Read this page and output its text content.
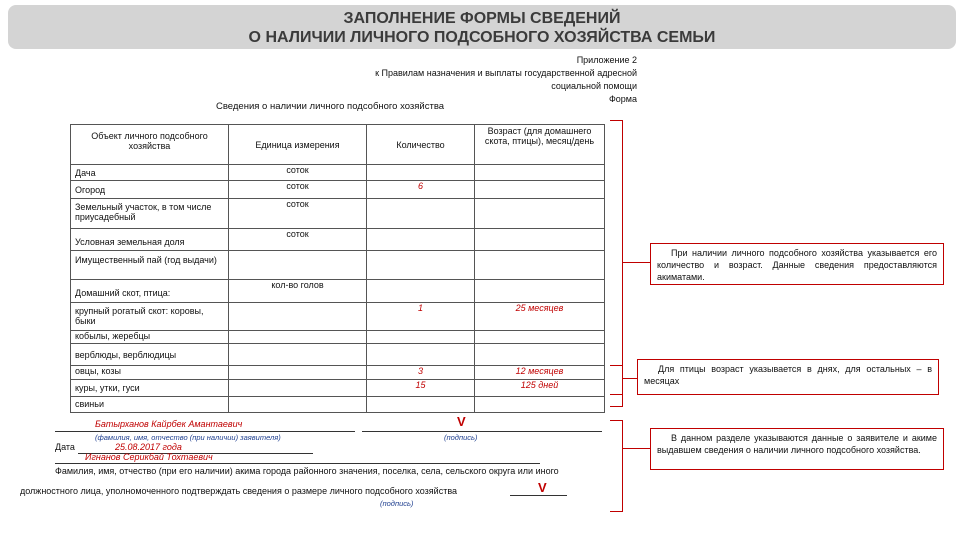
ЗАПОЛНЕНИЕ ФОРМЫ СВЕДЕНИЙ
О НАЛИЧИИ ЛИЧНОГО ПОДСОБНОГО ХОЗЯЙСТВА СЕМЬИ
Приложение 2
к Правилам назначения и выплаты государственной адресной
социальной помощи
Форма
Сведения о наличии личного подсобного хозяйства
Объект личного подсобного хозяйства	Единица измерения	Количество	Возраст (для домашнего скота, птицы), месяц/день
Дача	соток		
Огород	соток	6	
Земельный участок, в том числе приусадебный	соток		
Условная земельная доля	соток		
Имущественный пай (год выдачи)			
Домашний скот, птица:	кол-во голов		
крупный рогатый скот: коровы, быки		1	25 месяцев
кобылы, жеребцы			
верблюды, верблюдицы			
овцы, козы		3	12 месяцев
куры, утки, гуси		15	125 дней
свиньи			
При наличии личного подсобного хозяйства указывается его количество и возраст. Данные сведения предоставляются акиматами.
Для птицы возраст указывается в днях, для остальных – в месяцах
В данном разделе указываются данные о заявителе и акиме выдавшем сведения о наличии личного подсобного хозяйства.
Батырханов Кайрбек Амантаевич	V
(фамилия, имя, отчество (при наличии) заявителя)	(подпись)
Дата	25.08.2017 года
Игнанов Серикбай Тохтаевич
Фамилия, имя, отчество (при его наличии) акима города районного значения, поселка, села, сельского округа или иного
должностного лица, уполномоченного подтверждать сведения о размере личного подсобного хозяйства	V
(подпись)
